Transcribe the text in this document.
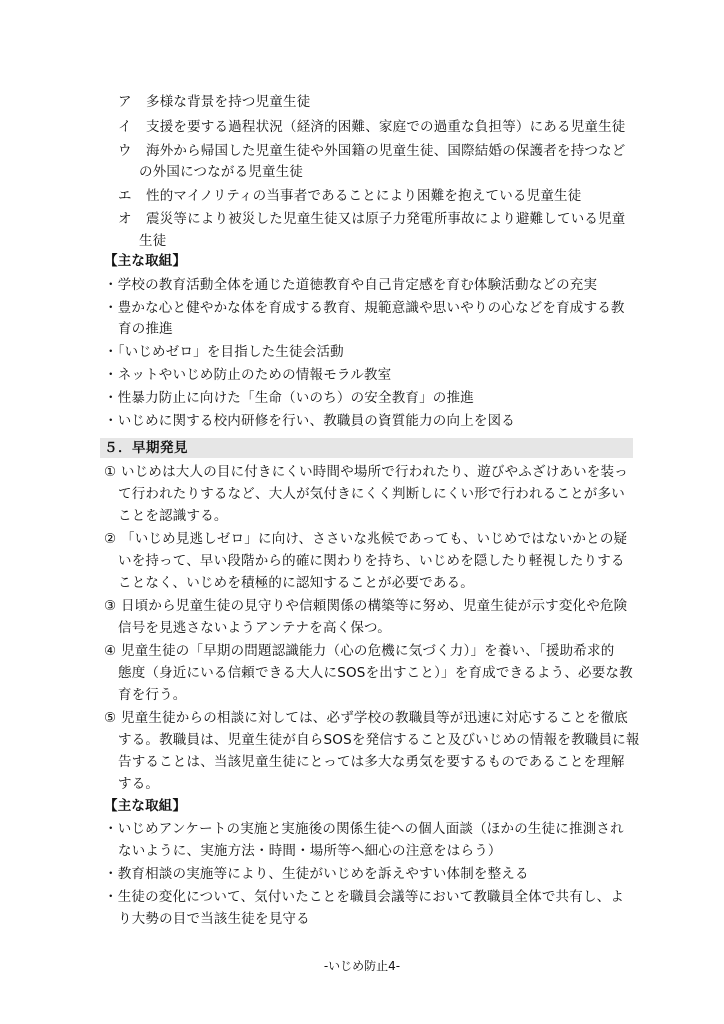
ア 多様な背景を持つ児童生徒
イ 支援を要する過程状況（経済的困難、家庭での過重な負担等）にある児童生徒
ウ 海外から帰国した児童生徒や外国籍の児童生徒、国際結婚の保護者を持つなど
の外国につながる児童生徒
エ 性的マイノリティの当事者であることにより困難を抱えている児童生徒
オ 震災等により被災した児童生徒又は原子力発電所事故により避難している児童
生徒
【主な取組】
・学校の教育活動全体を通じた道徳教育や自己肯定感を育む体験活動などの充実
・豊かな心と健やかな体を育成する教育、規範意識や思いやりの心などを育成する教
育の推進
・「いじめゼロ」を目指した生徒会活動
・ネットやいじめ防止のための情報モラル教室
・性暴力防止に向けた「生命（いのち）の安全教育」の推進
・いじめに関する校内研修を行い、教職員の資質能力の向上を図る
５．早期発見
① いじめは大人の目に付きにくい時間や場所で行われたり、遊びやふざけあいを装っ
て行われたりするなど、大人が気付きにくく判断しにくい形で行われることが多い
ことを認識する。
② 「いじめ見逃しゼロ」に向け、ささいな兆候であっても、いじめではないかとの疑
いを持って、早い段階から的確に関わりを持ち、いじめを隠したり軽視したりする
ことなく、いじめを積極的に認知することが必要である。
③ 日頃から児童生徒の見守りや信頼関係の構築等に努め、児童生徒が示す変化や危険
信号を見逃さないようアンテナを高く保つ。
④ 児童生徒の「早期の問題認識能力（心の危機に気づく力）」を養い、「援助希求的
態度（身近にいる信頼できる大人にSOSを出すこと）」を育成できるよう、必要な教
育を行う。
⑤ 児童生徒からの相談に対しては、必ず学校の教職員等が迅速に対応することを徹底
する。教職員は、児童生徒が自らSOSを発信すること及びいじめの情報を教職員に報
告することは、当該児童生徒にとっては多大な勇気を要するものであることを理解
する。
【主な取組】
・いじめアンケートの実施と実施後の関係生徒への個人面談（ほかの生徒に推測され
ないように、実施方法・時間・場所等へ細心の注意をはらう）
・教育相談の実施等により、生徒がいじめを訴えやすい体制を整える
・生徒の変化について、気付いたことを職員会議等において教職員全体で共有し、よ
り大勢の目で当該生徒を見守る
-いじめ防止4-
